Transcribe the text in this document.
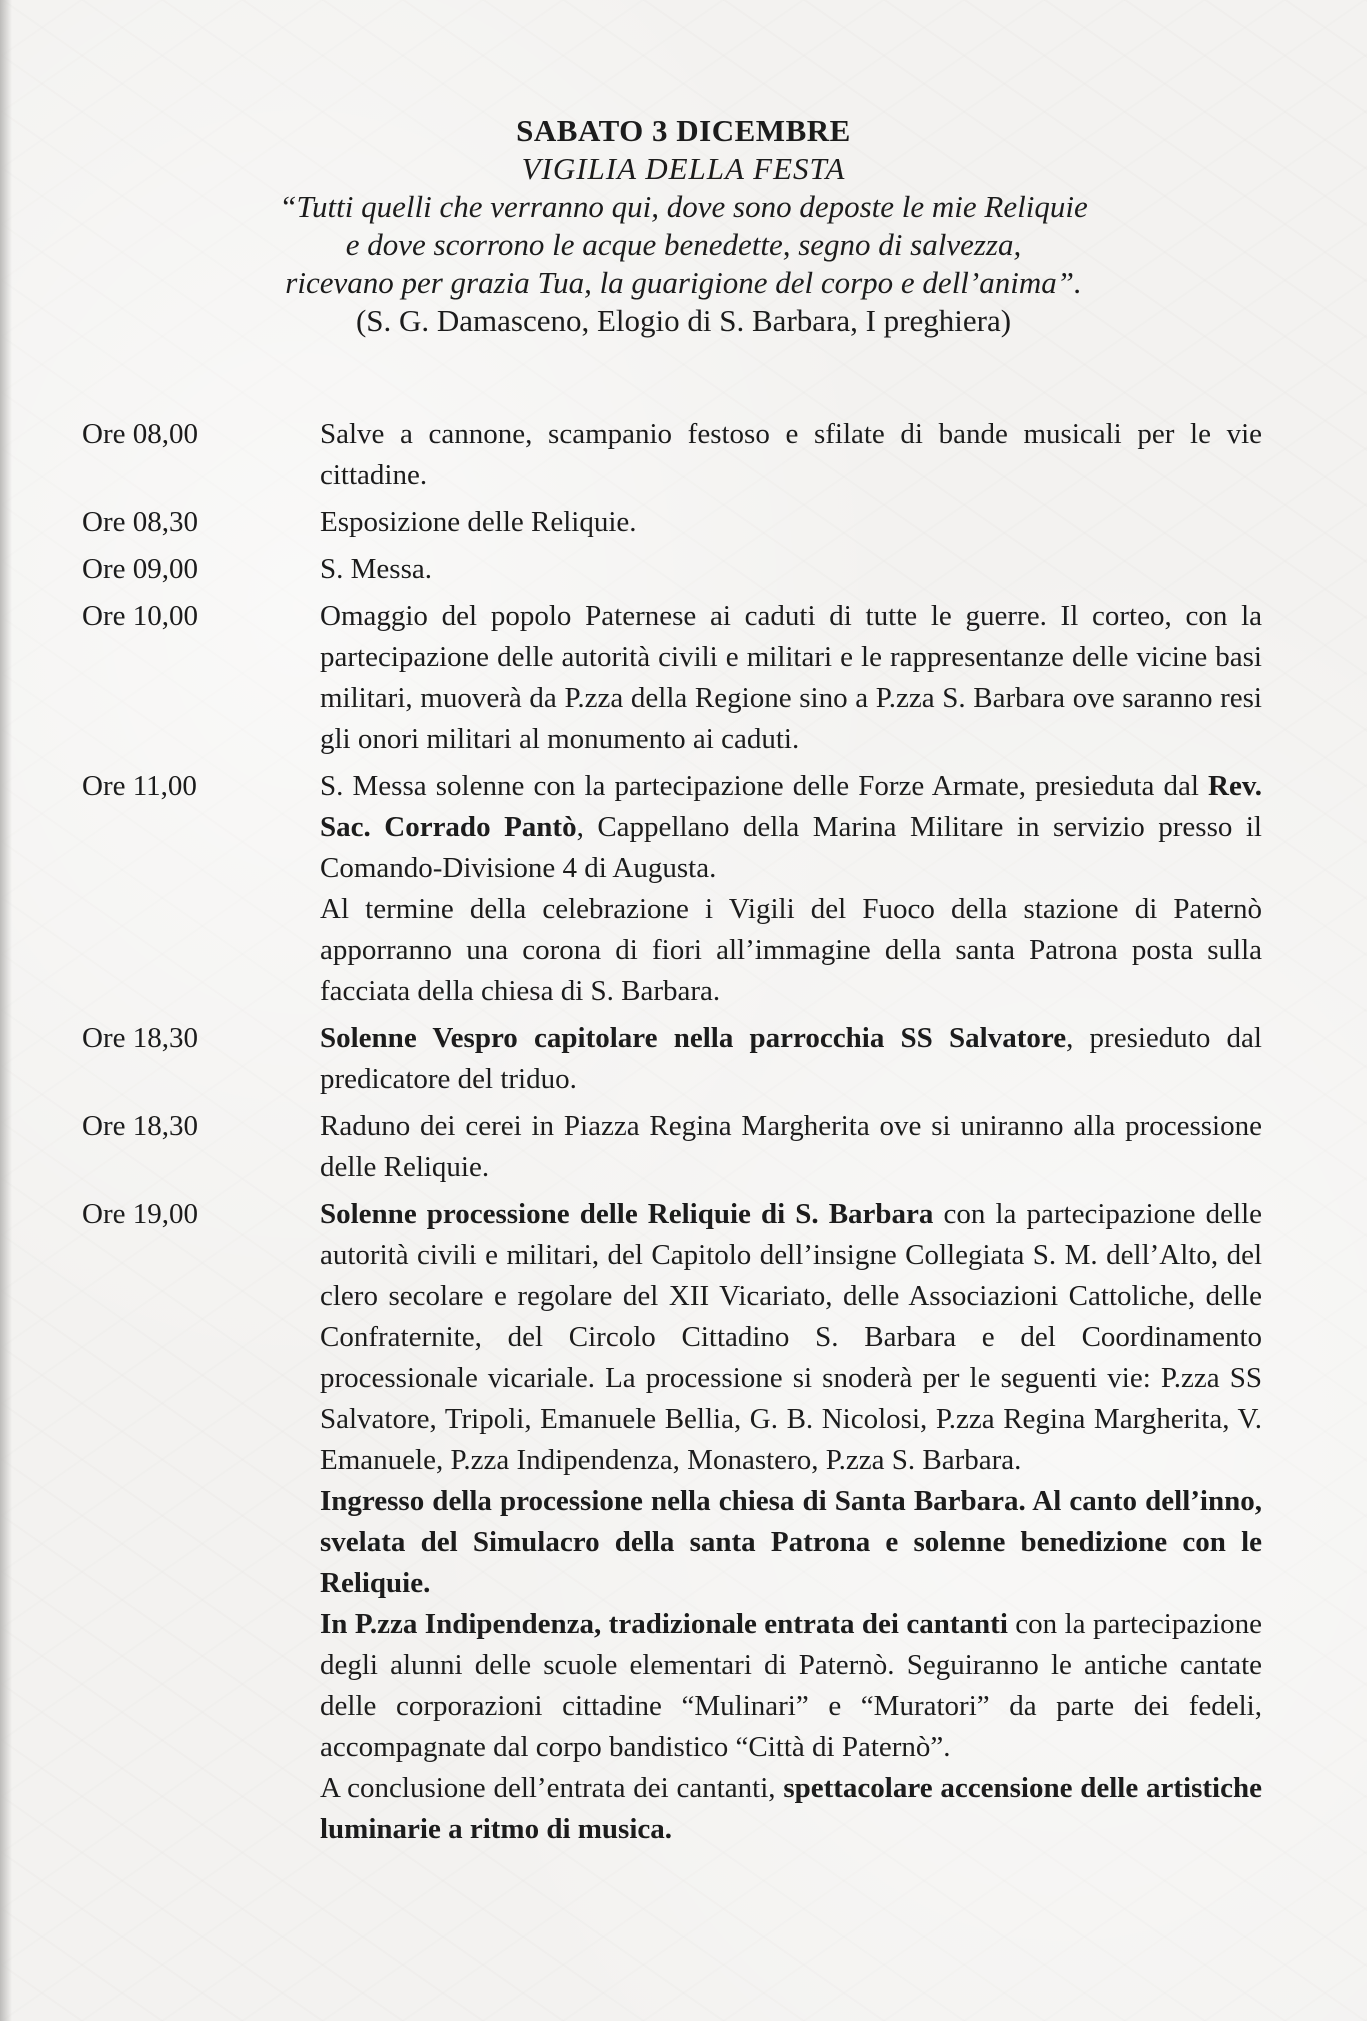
SABATO 3 DICEMBRE
VIGILIA DELLA FESTA
“Tutti quelli che verranno qui, dove sono deposte le mie Reliquie
e dove scorrono le acque benedette, segno di salvezza,
ricevano per grazia Tua, la guarigione del corpo e dell’anima”.
(S. G. Damasceno, Elogio di S. Barbara, I preghiera)
Ore 08,00	Salve a cannone, scampanio festoso e sfilate di bande musicali per le vie cittadine.

Ore 08,30	Esposizione delle Reliquie.

Ore 09,00	S. Messa.

Ore 10,00	Omaggio del popolo Paternese ai caduti di tutte le guerre. Il corteo, con la partecipazione delle autorità civili e militari e le rappresentanze delle vicine basi militari, muoverà da P.zza della Regione sino a P.zza S. Barbara ove saranno resi gli onori militari al monumento ai caduti.

Ore 11,00	S. Messa solenne con la partecipazione delle Forze Armate, presieduta dal Rev. Sac. Corrado Pantò, Cappellano della Marina Militare in servizio presso il Comando-Divisione 4 di Augusta.

Al termine della celebrazione i Vigili del Fuoco della stazione di Paternò apporranno una corona di fiori all’immagine della santa Patrona posta sulla facciata della chiesa di S. Barbara.

Ore 18,30	Solenne Vespro capitolare nella parrocchia SS Salvatore, presieduto dal predicatore del triduo.

Ore 18,30	Raduno dei cerei in Piazza Regina Margherita ove si uniranno alla processione delle Reliquie.

Ore 19,00	Solenne processione delle Reliquie di S. Barbara con la partecipazione delle autorità civili e militari, del Capitolo dell’insigne Collegiata S. M. dell’Alto, del clero secolare e regolare del XII Vicariato, delle Associazioni Cattoliche, delle Confraternite, del Circolo Cittadino S. Barbara e del Coordinamento processionale vicariale. La processione si snoderà per le seguenti vie: P.zza SS Salvatore, Tripoli, Emanuele Bellia, G. B. Nicolosi, P.zza Regina Margherita, V. Emanuele, P.zza Indipendenza, Monastero, P.zza S. Barbara.

Ingresso della processione nella chiesa di Santa Barbara. Al canto dell’inno, svelata del Simulacro della santa Patrona e solenne benedizione con le Reliquie.

In P.zza Indipendenza, tradizionale entrata dei cantanti con la partecipazione degli alunni delle scuole elementari di Paternò. Seguiranno le antiche cantate delle corporazioni cittadine “Mulinari” e “Muratori” da parte dei fedeli, accompagnate dal corpo bandistico “Città di Paternò”.

A conclusione dell’entrata dei cantanti, spettacolare accensione delle artistiche luminarie a ritmo di musica.
